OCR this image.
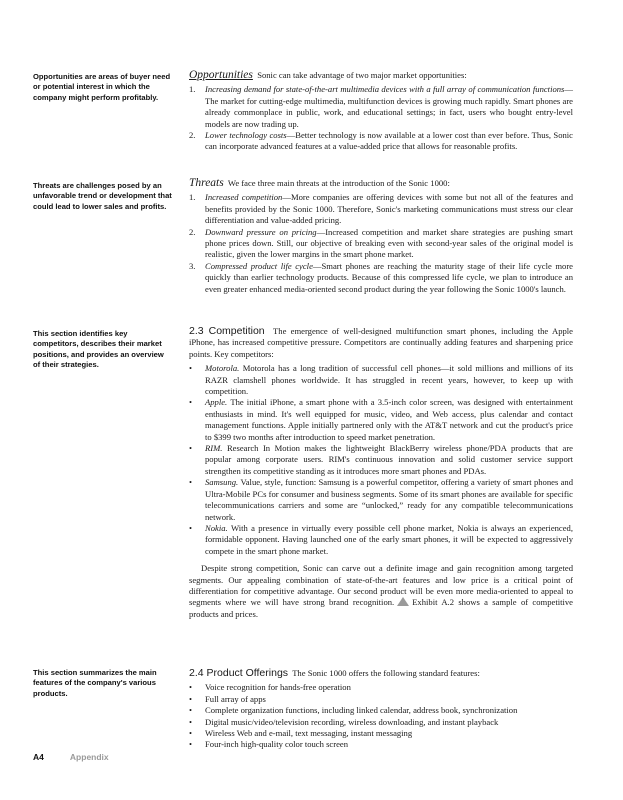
Opportunities are areas of buyer need or potential interest in which the company might perform profitably.
Threats are challenges posed by an unfavorable trend or development that could lead to lower sales and profits.
This section identifies key competitors, describes their market positions, and provides an overview of their strategies.
This section summarizes the main features of the company's various products.

Opportunities Sonic can take advantage of two major market opportunities:

1. Increasing demand for state-of-the-art multimedia devices with a full array of communication functions—The market for cutting-edge multimedia, multifunction devices is growing much rapidly. Smart phones are already commonplace in public, work, and educational settings; in fact, users who bought entry-level models are now trading up.
2. Lower technology costs—Better technology is now available at a lower cost than ever before. Thus, Sonic can incorporate advanced features at a value-added price that allows for reasonable profits.

Threats We face three main threats at the introduction of the Sonic 1000:

1. Increased competition—More companies are offering devices with some but not all of the features and benefits provided by the Sonic 1000. Therefore, Sonic's marketing communications must stress our clear differentiation and value-added pricing.
2. Downward pressure on pricing—Increased competition and market share strategies are pushing smart phone prices down. Still, our objective of breaking even with second-year sales of the original model is realistic, given the lower margins in the smart phone market.
3. Compressed product life cycle—Smart phones are reaching the maturity stage of their life cycle more quickly than earlier technology products. Because of this compressed life cycle, we plan to introduce an even greater enhanced media-oriented second product during the year following the Sonic 1000's launch.

2.3 Competition The emergence of well-designed multifunction smart phones, including the Apple iPhone, has increased competitive pressure. Competitors are continually adding features and sharpening price points. Key competitors:

• Motorola. Motorola has a long tradition of successful cell phones—it sold millions and millions of its RAZR clamshell phones worldwide. It has struggled in recent years, however, to keep up with competition.
• Apple. The initial iPhone, a smart phone with a 3.5-inch color screen, was designed with entertainment enthusiasts in mind. It's well equipped for music, video, and Web access, plus calendar and contact management functions. Apple initially partnered only with the AT&T network and cut the product's price to $399 two months after introduction to speed market penetration.
• RIM. Research In Motion makes the lightweight BlackBerry wireless phone/PDA products that are popular among corporate users. RIM's continuous innovation and solid customer service support strengthen its competitive standing as it introduces more smart phones and PDAs.
• Samsung. Value, style, function: Samsung is a powerful competitor, offering a variety of smart phones and Ultra-Mobile PCs for consumer and business segments. Some of its smart phones are available for specific telecommunications carriers and some are “unlocked,” ready for any compatible telecommunications network.
• Nokia. With a presence in virtually every possible cell phone market, Nokia is always an experienced, formidable opponent. Having launched one of the early smart phones, it will be expected to aggressively compete in the smart phone market.

Despite strong competition, Sonic can carve out a definite image and gain recognition among targeted segments. Our appealing combination of state-of-the-art features and low price is a critical point of differentiation for competitive advantage. Our second product will be even more media-oriented to appeal to segments where we will have strong brand recognition. Exhibit A.2 shows a sample of competitive products and prices.

2.4 Product Offerings The Sonic 1000 offers the following standard features:

• Voice recognition for hands-free operation
• Full array of apps
• Complete organization functions, including linked calendar, address book, synchronization
• Digital music/video/television recording, wireless downloading, and instant playback
• Wireless Web and e-mail, text messaging, instant messaging
• Four-inch high-quality color touch screen
A4	Appendix
